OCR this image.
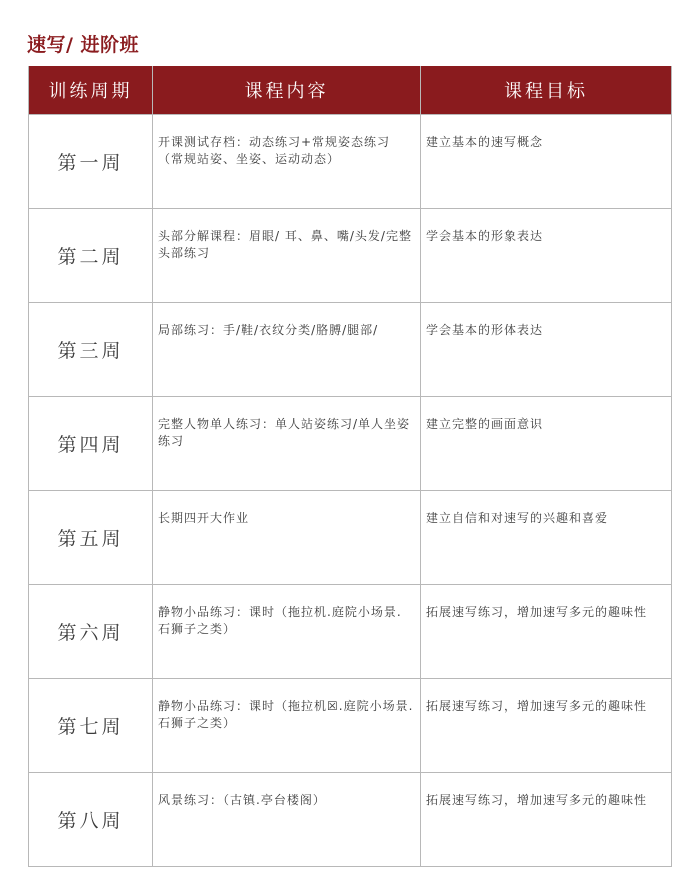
速写/ 进阶班
训练周期	课程内容	课程目标
第一周	开课测试存档：动态练习+常规姿态练习（常规站姿、坐姿、运动动态）	建立基本的速写概念

第二周	头部分解课程：眉眼/ 耳、鼻、嘴/头发/完整头部练习	学会基本的形象表达

第三周	局部练习：手/鞋/衣纹分类/胳膊/腿部/	学会基本的形体表达

第四周	完整人物单人练习：单人站姿练习/单人坐姿练习	建立完整的画面意识

第五周	长期四开大作业	建立自信和对速写的兴趣和喜爱

第六周	静物小品练习：课时（拖拉机.庭院小场景.石狮子之类）	拓展速写练习，增加速写多元的趣味性

第七周	静物小品练习：课时（拖拉机☒.庭院小场景.石狮子之类）	拓展速写练习，增加速写多元的趣味性

第八周	风景练习：（古镇.亭台楼阁）	拓展速写练习，增加速写多元的趣味性
